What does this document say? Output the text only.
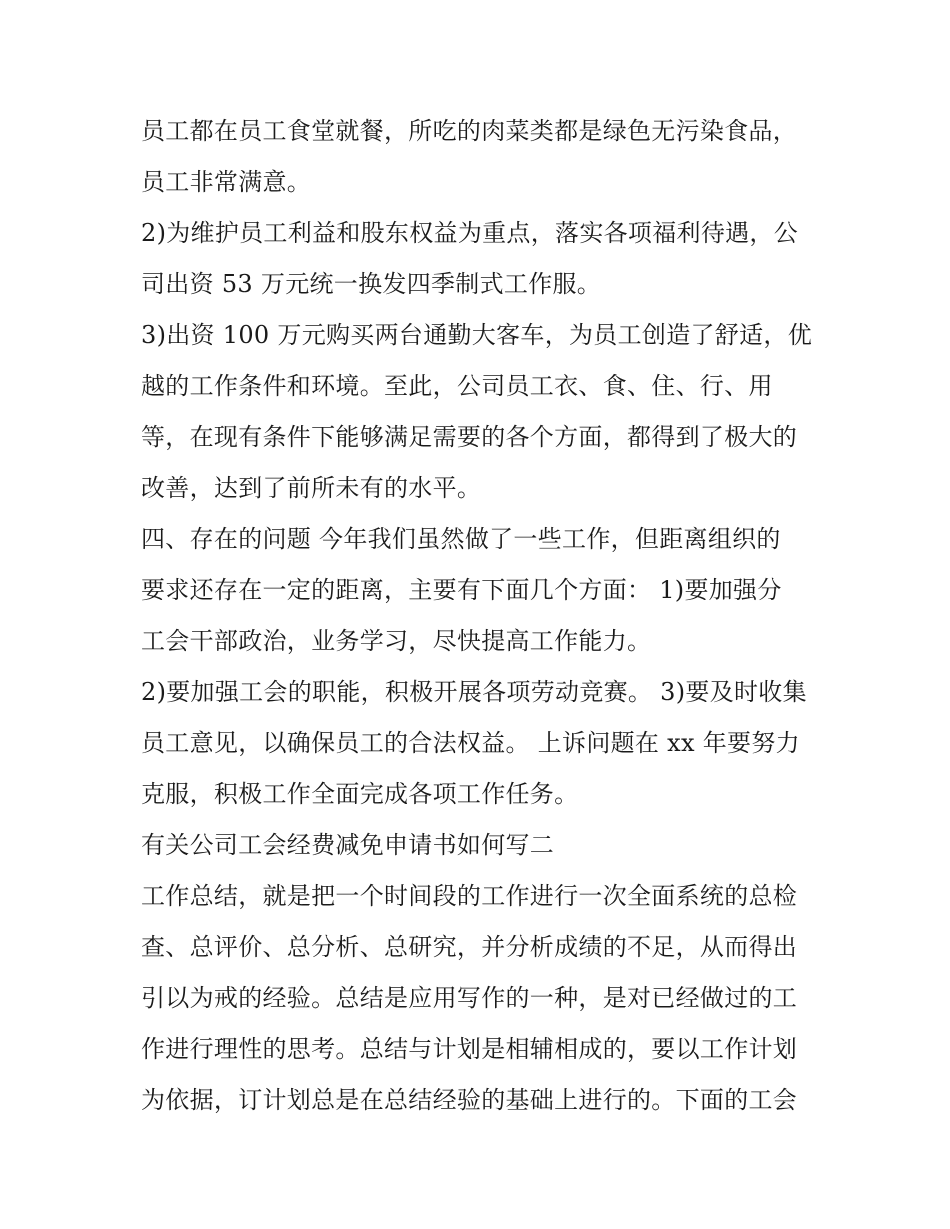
员工都在员工食堂就餐，所吃的肉菜类都是绿色无污染食品，
员工非常满意。
2)为维护员工利益和股东权益为重点，落实各项福利待遇，公
司出资 53 万元统一换发四季制式工作服。
3)出资 100 万元购买两台通勤大客车，为员工创造了舒适，优
越的工作条件和环境。至此，公司员工衣、食、住、行、用
等，在现有条件下能够满足需要的各个方面，都得到了极大的
改善，达到了前所未有的水平。
四、存在的问题 今年我们虽然做了一些工作，但距离组织的
要求还存在一定的距离，主要有下面几个方面： 1)要加强分
工会干部政治，业务学习，尽快提高工作能力。
2)要加强工会的职能，积极开展各项劳动竞赛。 3)要及时收集
员工意见，以确保员工的合法权益。 上诉问题在 xx 年要努力
克服，积极工作全面完成各项工作任务。
有关公司工会经费减免申请书如何写二
工作总结，就是把一个时间段的工作进行一次全面系统的总检
查、总评价、总分析、总研究，并分析成绩的不足，从而得出
引以为戒的经验。总结是应用写作的一种，是对已经做过的工
作进行理性的思考。总结与计划是相辅相成的，要以工作计划
为依据，订计划总是在总结经验的基础上进行的。下面的工会
